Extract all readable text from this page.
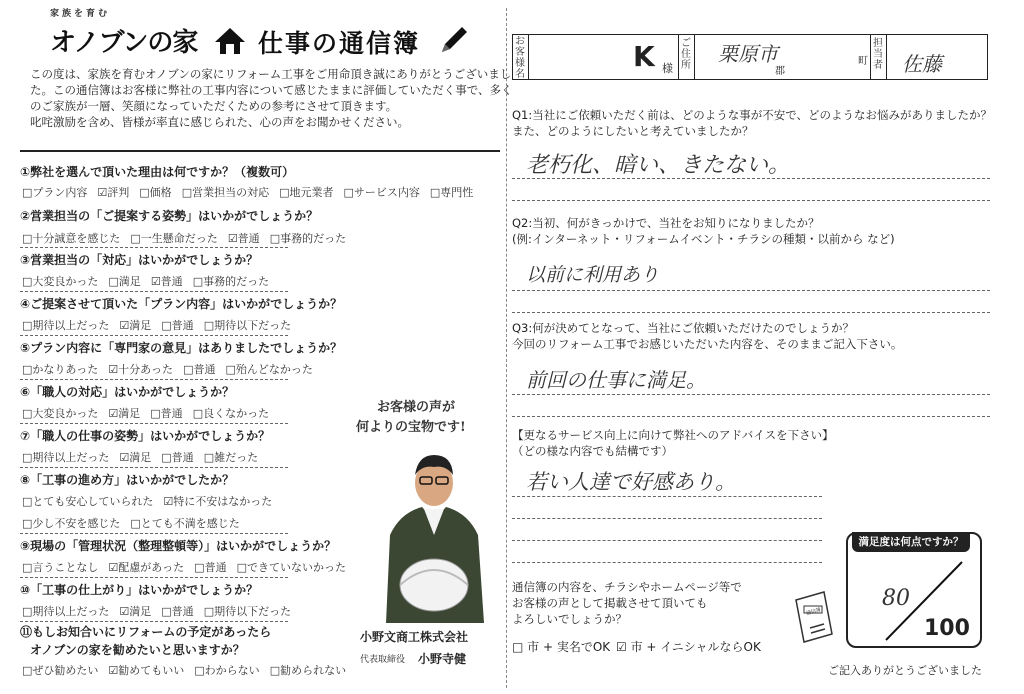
家族を育む
オノブンの家 仕事の通信簿
この度は、家族を育むオノブンの家にリフォーム工事をご用命頂き誠にありがとうございまし
た。この通信簿はお客様に弊社の工事内容について感じたままに評価していただく事で、多く
のご家族が一層、笑顔になっていただくための参考にさせて頂きます。
叱咤激励を含め、皆様が率直に感じられた、心の声をお聞かせください。
①弊社を選んで頂いた理由は何ですか？（複数可）
□プラン内容 ☑評判 □価格 □営業担当の対応 □地元業者 □サービス内容 □専門性
②営業担当の「ご提案する姿勢」はいかがでしょうか？
□十分誠意を感じた □一生懸命だった ☑普通 □事務的だった
③営業担当の「対応」はいかがでしょうか？
□大変良かった □満足 ☑普通 □事務的だった
④ご提案させて頂いた「プラン内容」はいかがでしょうか？
□期待以上だった ☑満足 □普通 □期待以下だった
⑤プラン内容に「専門家の意見」はありましたでしょうか？
□かなりあった ☑十分あった □普通 □殆んどなかった
⑥「職人の対応」はいかがでしょうか？
□大変良かった ☑満足 □普通 □良くなかった
⑦「職人の仕事の姿勢」はいかがでしょうか？
□期待以上だった ☑満足 □普通 □雑だった
⑧「工事の進め方」はいかがでしたか？
□とても安心していられた ☑特に不安はなかった
□少し不安を感じた □とても不満を感じた
⑨現場の「管理状況（整理整頓等）」はいかがでしょうか？
□言うことなし ☑配慮があった □普通 □できていないかった
⑩「工事の仕上がり」はいかがでしょうか？
□期待以上だった ☑満足 □普通 □期待以下だった
⑪もしお知合いにリフォームの予定があったら
オノブンの家を勧めたいと思いますか？
□ぜひ勧めたい ☑勧めてもいい □わからない □勧められない
お客様の声が
何よりの宝物です!
小野文商工株式会社
代表取締役 小野寺健
お客様名
K 様
ご住所 栗原市
郡
町
担当者 佐藤
Q1:当社にご依頼いただく前は、どのような事が不安で、どのようなお悩みがありましたか？
また、どのようにしたいと考えていましたか？
老朽化、暗い、きたない。
Q2:当初、何がきっかけで、当社をお知りになりましたか？
(例:インターネット・リフォームイベント・チラシの種類・以前から など)
以前に利用あり
Q3:何が決めてとなって、当社にご依頼いただけたのでしょうか？
今回のリフォーム工事でお感じいただいた内容を、そのままご記入下さい。
前回の仕事に満足。
【更なるサービス向上に向けて弊社へのアドバイスを下さい】
（どの様な内容でも結構です）
若い人達で好感あり。
通信簿の内容を、チラシやホームページ等で
お客様の声として掲載させて頂いても
よろしいでしょうか？
□ 市 + 実名でOK ☑ 市 + イニシャルならOK
通信簿
満足度は何点ですか？
80
100
ご記入ありがとうございました
